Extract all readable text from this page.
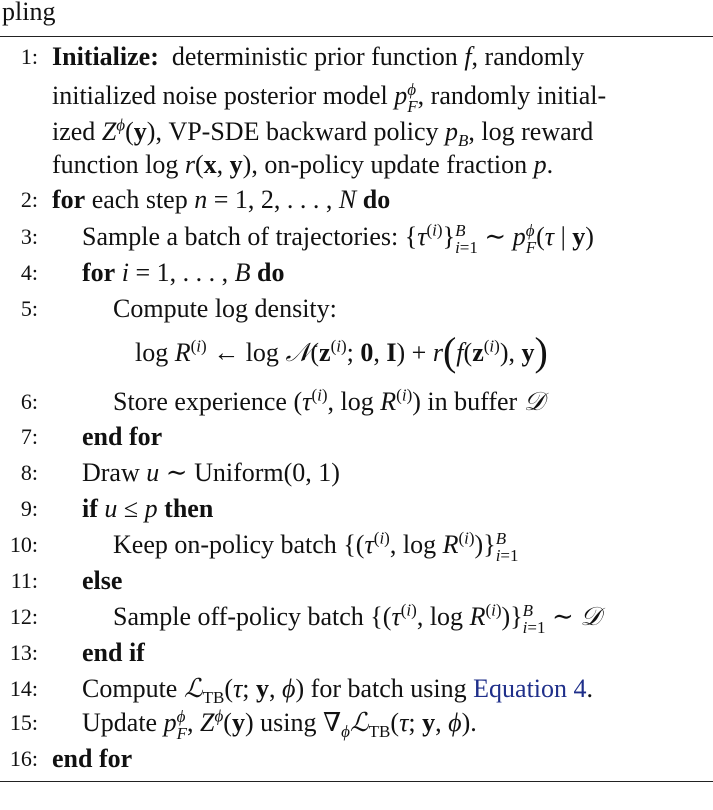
pling
1: Initialize: deterministic prior function f, randomly
initialized noise posterior model p ϕ
F , randomly initial-
ized $Z^\phi(y)$, VP-SDE backward policy $p_B$, log reward
function log r(x, y), on-policy update fraction p.
2: for each step n = 1, 2, . . . , N do
3: Sample a batch of trajectories: $\{\tau^{(i)}\}$ B
i=1 ∼ p ϕ
F (τ | y)
4: for i = 1, . . . , B do
5:	Compute log density:
$\log R^{(i)}$ ← $\log 𝒩(z^{(i)}$; 0, $I) + r(f(z^{(i)})$, y)
6:	Store experience ($\tau^{(i)}$, $\log R^{(i)}$) in buffer 𝒟
7: end for
8: Draw u ∼ Uniform(0, 1)
9: if u ≤ p then
10:	Keep on-policy batch {($\tau^{(i)}$, $\log R^{(i)}$)} B
i=1
11: else
12:	Sample off-policy batch {($\tau^{(i)}$, $\log R^{(i)}$)} B
i=1 ∼ 𝒟
13: end if
14: Compute ℒ$_{TB}$(τ; y, ϕ) for batch using Equation 4.
15: Update p ϕ
F , $Z^\phi(y)$ using $\nabla_\phi ℒ_{TB}(\tau$; y, ϕ).
16: end for
